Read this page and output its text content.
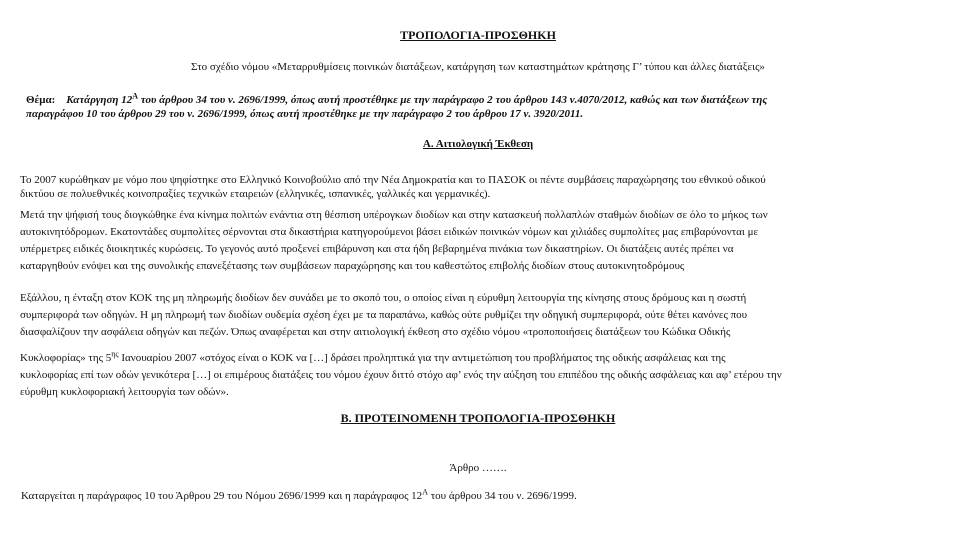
ΤΡΟΠΟΛΟΓΙΑ-ΠΡΟΣΘΗΚΗ
Στο σχέδιο νόμου «Μεταρρυθμίσεις ποινικών διατάξεων, κατάργηση των καταστημάτων κράτησης Γ’ τύπου και άλλες διατάξεις»
Θέμα: Κατάργηση $12^A$ του άρθρου 34 του ν. 2696/1999, όπως αυτή προστέθηκε με την παράγραφο 2 του άρθρου 143 ν.4070/2012, καθώς και των διατάξεων της
παραγράφου 10 του άρθρου 29 του ν. 2696/1999, όπως αυτή προστέθηκε με την παράγραφο 2 του άρθρου 17 ν. 3920/2011.
Α. Αιτιολογική Έκθεση
Το 2007 κυρώθηκαν με νόμο που ψηφίστηκε στο Ελληνικό Κοινοβούλιο από την Νέα Δημοκρατία και το ΠΑΣΟΚ οι πέντε συμβάσεις παραχώρησης του εθνικού οδικού
δικτύου σε πολυεθνικές κοινοπραξίες τεχνικών εταιρειών (ελληνικές, ισπανικές, γαλλικές και γερμανικές).
Μετά την ψήφισή τους διογκώθηκε ένα κίνημα πολιτών ενάντια στη θέσπιση υπέρογκων διοδίων και στην κατασκευή πολλαπλών σταθμών διοδίων σε όλο το μήκος των
αυτοκινητόδρομων. Εκατοντάδες συμπολίτες σέρνονται στα δικαστήρια κατηγορούμενοι βάσει ειδικών ποινικών νόμων και χιλιάδες συμπολίτες μας επιβαρύνονται με
υπέρμετρες ειδικές διοικητικές κυρώσεις. Το γεγονός αυτό προξενεί επιβάρυνση και στα ήδη βεβαρημένα πινάκια των δικαστηρίων. Οι διατάξεις αυτές πρέπει να
καταργηθούν ενόψει και της συνολικής επανεξέτασης των συμβάσεων παραχώρησης και του καθεστώτος επιβολής διοδίων στους αυτοκινητοδρόμους
Εξάλλου, η ένταξη στον ΚΟΚ της μη πληρωμής διοδίων δεν συνάδει με το σκοπό του, ο οποίος είναι η εύρυθμη λειτουργία της κίνησης στους δρόμους και η σωστή
συμπεριφορά των οδηγών. Η μη πληρωμή των διοδίων ουδεμία σχέση έχει με τα παραπάνω, καθώς ούτε ρυθμίζει την οδηγική συμπεριφορά, ούτε θέτει κανόνες που
διασφαλίζουν την ασφάλεια οδηγών και πεζών. Όπως αναφέρεται και στην αιτιολογική έκθεση στο σχέδιο νόμου «τροποποιήσεις διατάξεων του Κώδικα Οδικής
Κυκλοφορίας» της $5^{\eta\varsigma}$ Ιανουαρίου 2007 «στόχος είναι ο ΚΟΚ να […] δράσει προληπτικά για την αντιμετώπιση του προβλήματος της οδικής ασφάλειας και της
κυκλοφορίας επί των οδών γενικότερα […] οι επιμέρους διατάξεις του νόμου έχουν διττό στόχο αφ’ ενός την αύξηση του επιπέδου της οδικής ασφάλειας και αφ’ ετέρου την
εύρυθμη κυκλοφοριακή λειτουργία των οδών».
Β. ΠΡΟΤΕΙΝΟΜΕΝΗ ΤΡΟΠΟΛΟΓΙΑ-ΠΡΟΣΘΗΚΗ
Άρθρο …….
Καταργείται η παράγραφος 10 του Άρθρου 29 του Νόμου 2696/1999 και η παράγραφος $12^A$ του άρθρου 34 του ν. 2696/1999.
